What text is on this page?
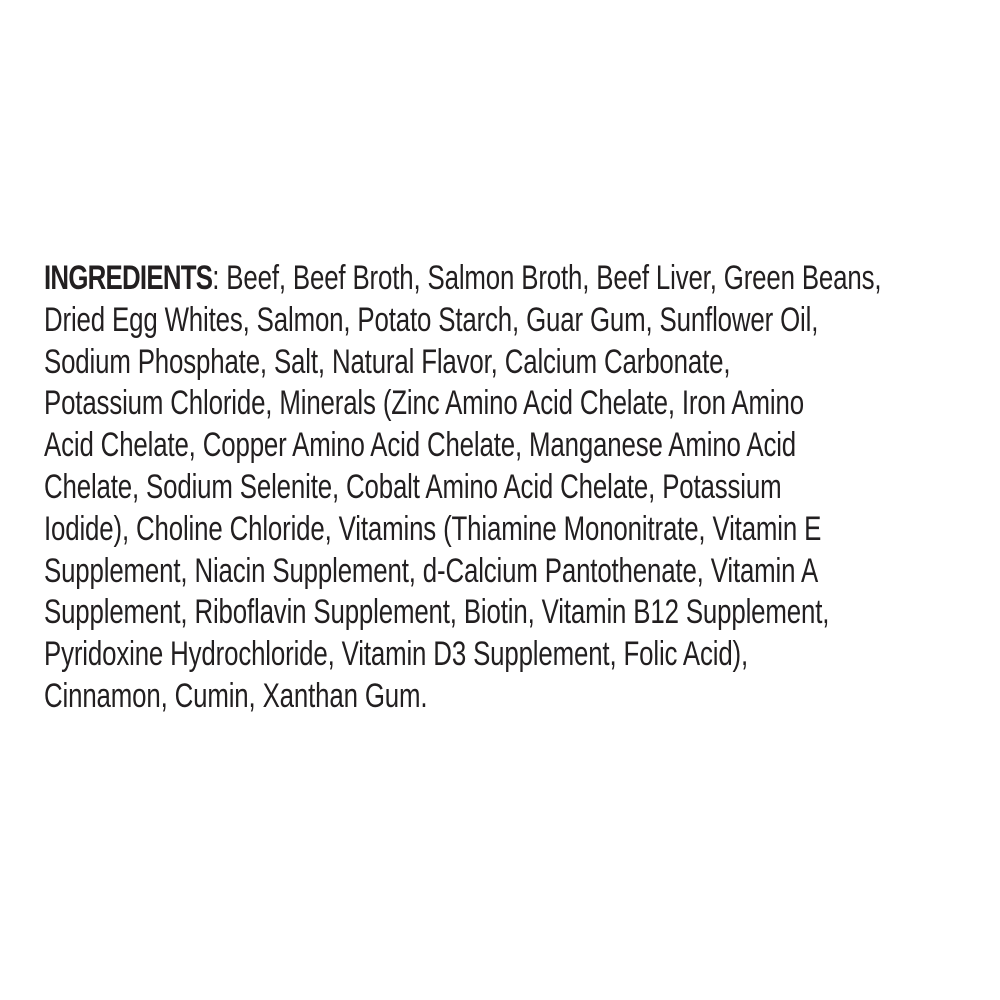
INGREDIENTS: Beef, Beef Broth, Salmon Broth, Beef Liver, Green Beans,
Dried Egg Whites, Salmon, Potato Starch, Guar Gum, Sunflower Oil,
Sodium Phosphate, Salt, Natural Flavor, Calcium Carbonate,
Potassium Chloride, Minerals (Zinc Amino Acid Chelate, Iron Amino
Acid Chelate, Copper Amino Acid Chelate, Manganese Amino Acid
Chelate, Sodium Selenite, Cobalt Amino Acid Chelate, Potassium
Iodide), Choline Chloride, Vitamins (Thiamine Mononitrate, Vitamin E
Supplement, Niacin Supplement, d-Calcium Pantothenate, Vitamin A
Supplement, Riboflavin Supplement, Biotin, Vitamin B12 Supplement,
Pyridoxine Hydrochloride, Vitamin D3 Supplement, Folic Acid),
Cinnamon, Cumin, Xanthan Gum.
